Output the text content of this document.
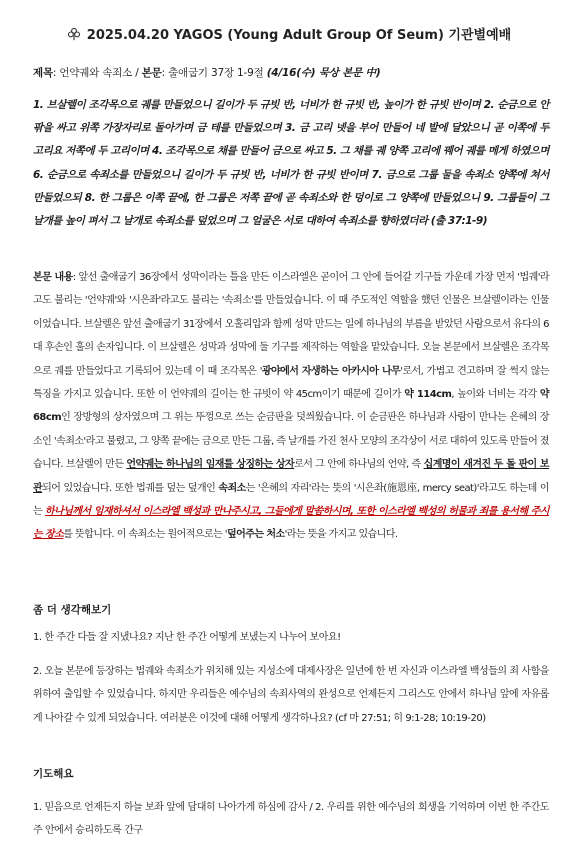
2025.04.20 YAGOS (Young Adult Group Of Seum) 기관별예배
제목: 언약궤와 속죄소 / 본문: 출애굽기 37장 1-9절 (4/16(수) 묵상 본문 中)
1. 브살렐이 조각목으로 궤를 만들었으니 길이가 두 규빗 반, 너비가 한 규빗 반, 높이가 한 규빗 반이며 2. 순금으로 안팎을 싸고 위쪽 가장자리로 돌아가며 금 테를 만들었으며 3. 금 고리 넷을 부어 만들어 네 발에 달았으니 곧 이쪽에 두 고리요 저쪽에 두 고리이며 4. 조각목으로 채를 만들어 금으로 싸고 5. 그 채를 궤 양쪽 고리에 꿰어 궤를 메게 하였으며 6. 순금으로 속죄소를 만들었으니 길이가 두 규빗 반, 너비가 한 규빗 반이며 7. 금으로 그룹 둘을 속죄소 양쪽에 쳐서 만들었으되 8. 한 그룹은 이쪽 끝에, 한 그룹은 저쪽 끝에 곧 속죄소와 한 덩이로 그 양쪽에 만들었으니 9. 그룹들이 그 날개를 높이 펴서 그 날개로 속죄소를 덮었으며 그 얼굴은 서로 대하여 속죄소를 향하였더라 (출 37:1-9)
본문 내용: 앞선 출애굽기 36장에서 성막이라는 틀을 만든 이스라엘은 곧이어 그 안에 들어갈 기구들 가운데 가장 먼저 '법궤'라고도 불리는 '언약궤'와 '시은좌'라고도 불리는 '속죄소'를 만들었습니다. 이 때 주도적인 역할을 했던 인물은 브살렐이라는 인물이었습니다. 브살렐은 앞선 출애굽기 31장에서 오홀리압과 함께 성막 만드는 일에 하나님의 부름을 받았던 사람으로서 유다의 6대 후손인 훌의 손자입니다. 이 브살렐은 성막과 성막에 둘 기구를 제작하는 역할을 맡았습니다. 오늘 본문에서 브살렐은 조각목으로 궤를 만들었다고 기록되어 있는데 이 때 조각목은 '광야에서 자생하는 아카시아 나무'로서, 가볍고 견고하며 잘 썩지 않는 특징을 가지고 있습니다. 또한 이 언약궤의 길이는 한 규빗이 약 45cm이기 때문에 길이가 약 114cm, 높이와 너비는 각각 약 68cm인 장방형의 상자였으며 그 위는 뚜껑으로 쓰는 순금판을 덧씌웠습니다. 이 순금판은 하나님과 사람이 만나는 은혜의 장소인 '속죄소'라고 불렸고, 그 양쪽 끝에는 금으로 만든 그룹, 즉 날개를 가진 천사 모양의 조각상이 서로 대하여 있도록 만들어 졌습니다. 브살렐이 만든 언약궤는 하나님의 임재를 상징하는 상자로서 그 안에 하나님의 언약, 즉 십계명이 새겨진 두 돌 판이 보관되어 있었습니다. 또한 법궤를 덮는 덮개인 속죄소는 '은혜의 자리'라는 뜻의 '시은좌(施恩座, mercy seat)'라고도 하는데 이는 하나님께서 임재하셔서 이스라엘 백성과 만나주시고, 그들에게 말씀하시며, 또한 이스라엘 백성의 허물과 죄를 용서해 주시는 장소를 뜻합니다. 이 속죄소는 원어적으로는 '덮어주는 처소'라는 뜻을 가지고 있습니다.
좀 더 생각해보기
1. 한 주간 다들 잘 지냈나요? 지난 한 주간 어떻게 보냈는지 나누어 보아요!
2. 오늘 본문에 등장하는 법궤와 속죄소가 위치해 있는 지성소에 대제사장은 일년에 한 번 자신과 이스라엘 백성들의 죄 사함을 위하여 출입할 수 있었습니다. 하지만 우리들은 예수님의 속죄사역의 완성으로 언제든지 그리스도 안에서 하나님 앞에 자유롭게 나아갈 수 있게 되었습니다. 여러분은 이것에 대해 어떻게 생각하나요? (cf 마 27:51; 히 9:1-28; 10:19-20)
기도해요
1. 믿음으로 언제든지 하늘 보좌 앞에 담대히 나아가게 하심에 감사 / 2. 우리를 위한 예수님의 희생을 기억하며 이번 한 주간도 주 안에서 승리하도록 간구
